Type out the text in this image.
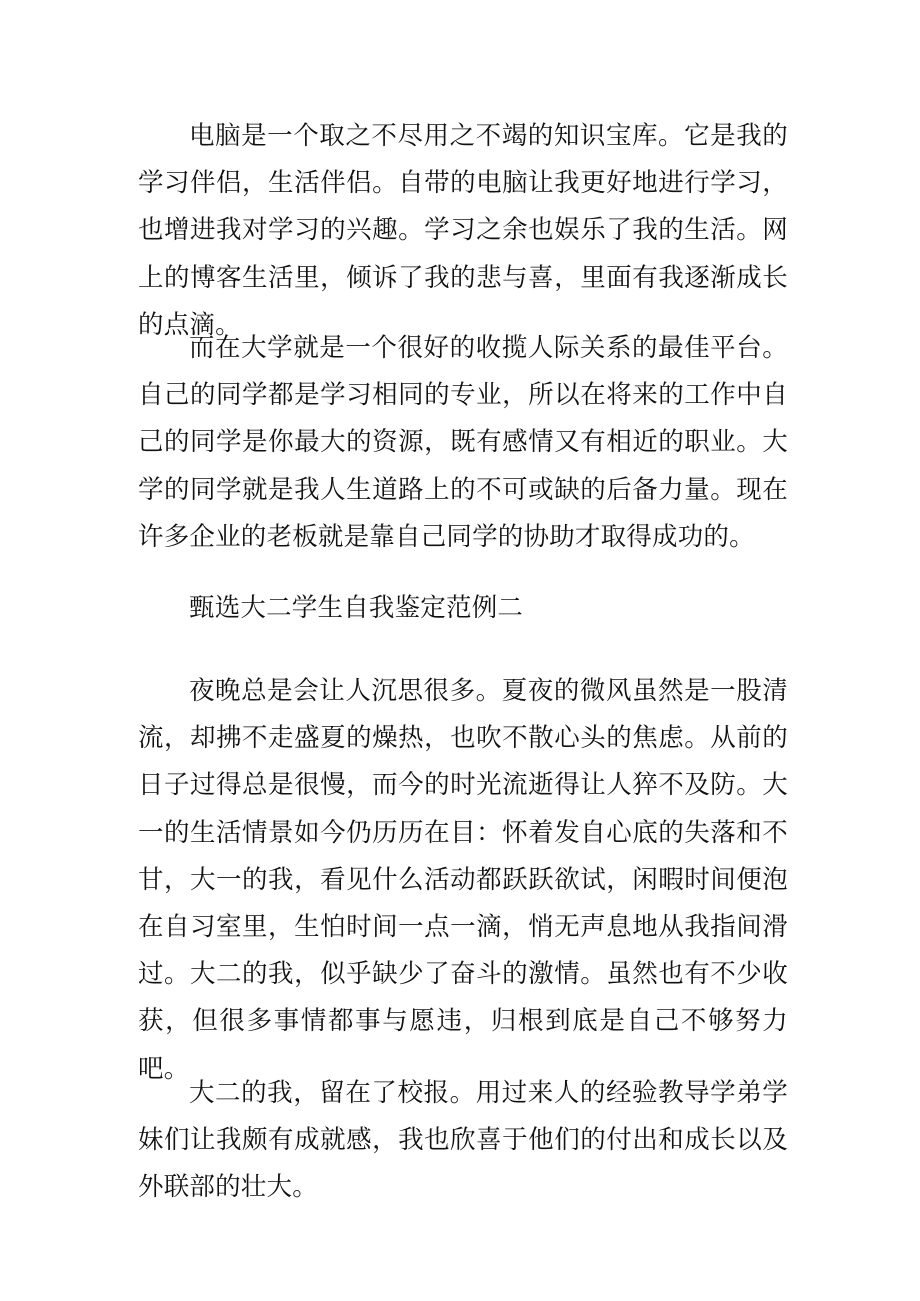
电脑是一个取之不尽用之不竭的知识宝库。它是我的学习伴侣，生活伴侣。自带的电脑让我更好地进行学习，也增进我对学习的兴趣。学习之余也娱乐了我的生活。网上的博客生活里，倾诉了我的悲与喜，里面有我逐渐成长的点滴。

而在大学就是一个很好的收揽人际关系的最佳平台。自己的同学都是学习相同的专业，所以在将来的工作中自己的同学是你最大的资源，既有感情又有相近的职业。大学的同学就是我人生道路上的不可或缺的后备力量。现在许多企业的老板就是靠自己同学的协助才取得成功的。

甄选大二学生自我鉴定范例二

夜晚总是会让人沉思很多。夏夜的微风虽然是一股清流，却拂不走盛夏的燥热，也吹不散心头的焦虑。从前的日子过得总是很慢，而今的时光流逝得让人猝不及防。大一的生活情景如今仍历历在目：怀着发自心底的失落和不甘，大一的我，看见什么活动都跃跃欲试，闲暇时间便泡在自习室里，生怕时间一点一滴，悄无声息地从我指间滑过。大二的我，似乎缺少了奋斗的激情。虽然也有不少收获，但很多事情都事与愿违，归根到底是自己不够努力吧。

大二的我，留在了校报。用过来人的经验教导学弟学妹们让我颇有成就感，我也欣喜于他们的付出和成长以及外联部的壮大。
